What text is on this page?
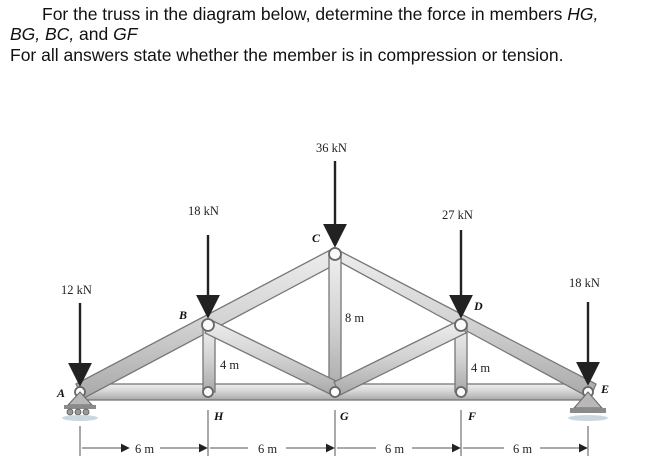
For the truss in the diagram below, determine the force in members HG,
BG, BC, and GF
For all answers state whether the member is in compression or tension.
12 kN
18 kN
36 kN
27 kN
18 kN
A
B
C
D
E
H	G	F
4 m
8 m
4 m
6 m	6 m	6 m	6 m
